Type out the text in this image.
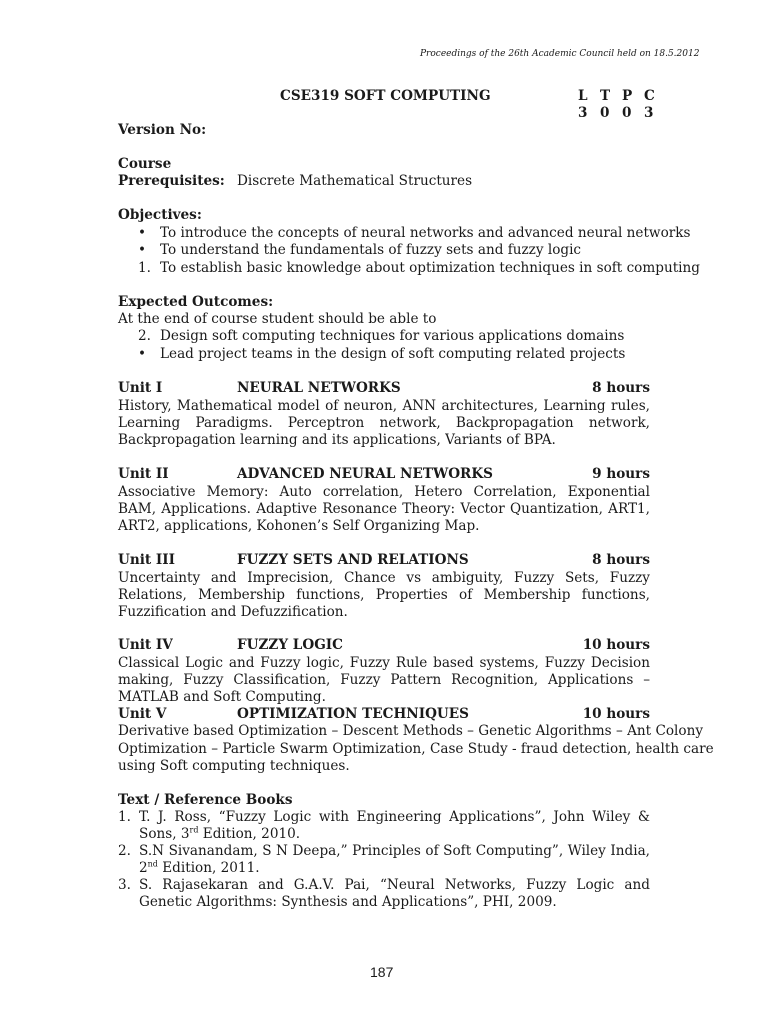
Proceedings of the 26th Academic Council held on 18.5.2012
CSE319 SOFT COMPUTING	L T P C
3 0 0 3
Version No:
Course
Prerequisites: Discrete Mathematical Structures
Objectives:
• To introduce the concepts of neural networks and advanced neural networks
• To understand the fundamentals of fuzzy sets and fuzzy logic
1. To establish basic knowledge about optimization techniques in soft computing
Expected Outcomes:
At the end of course student should be able to
2. Design soft computing techniques for various applications domains
• Lead project teams in the design of soft computing related projects
Unit I	NEURAL NETWORKS	8 hours
History, Mathematical model of neuron, ANN architectures, Learning rules, Learning Paradigms. Perceptron network, Backpropagation network, Backpropagation learning and its applications, Variants of BPA.
Unit II	ADVANCED NEURAL NETWORKS	9 hours
Associative Memory: Auto correlation, Hetero Correlation, Exponential BAM, Applications. Adaptive Resonance Theory: Vector Quantization, ART1, ART2, applications, Kohonen’s Self Organizing Map.
Unit III	FUZZY SETS AND RELATIONS	8 hours
Uncertainty and Imprecision, Chance vs ambiguity, Fuzzy Sets, Fuzzy Relations, Membership functions, Properties of Membership functions, Fuzzification and Defuzzification.
Unit IV	FUZZY LOGIC	10 hours
Classical Logic and Fuzzy logic, Fuzzy Rule based systems, Fuzzy Decision making, Fuzzy Classification, Fuzzy Pattern Recognition, Applications – MATLAB and Soft Computing.
Unit V	OPTIMIZATION TECHNIQUES	10 hours
Derivative based Optimization – Descent Methods – Genetic Algorithms – Ant Colony
Optimization – Particle Swarm Optimization, Case Study - fraud detection, health care
using Soft computing techniques.
Text / Reference Books
1. T. J. Ross, “Fuzzy Logic with Engineering Applications”, John Wiley & Sons, 3rd Edition, 2010.
2. S.N Sivanandam, S N Deepa,” Principles of Soft Computing”, Wiley India, 2nd Edition, 2011.
3. S. Rajasekaran and G.A.V. Pai, “Neural Networks, Fuzzy Logic and Genetic Algorithms: Synthesis and Applications”, PHI, 2009.
187
